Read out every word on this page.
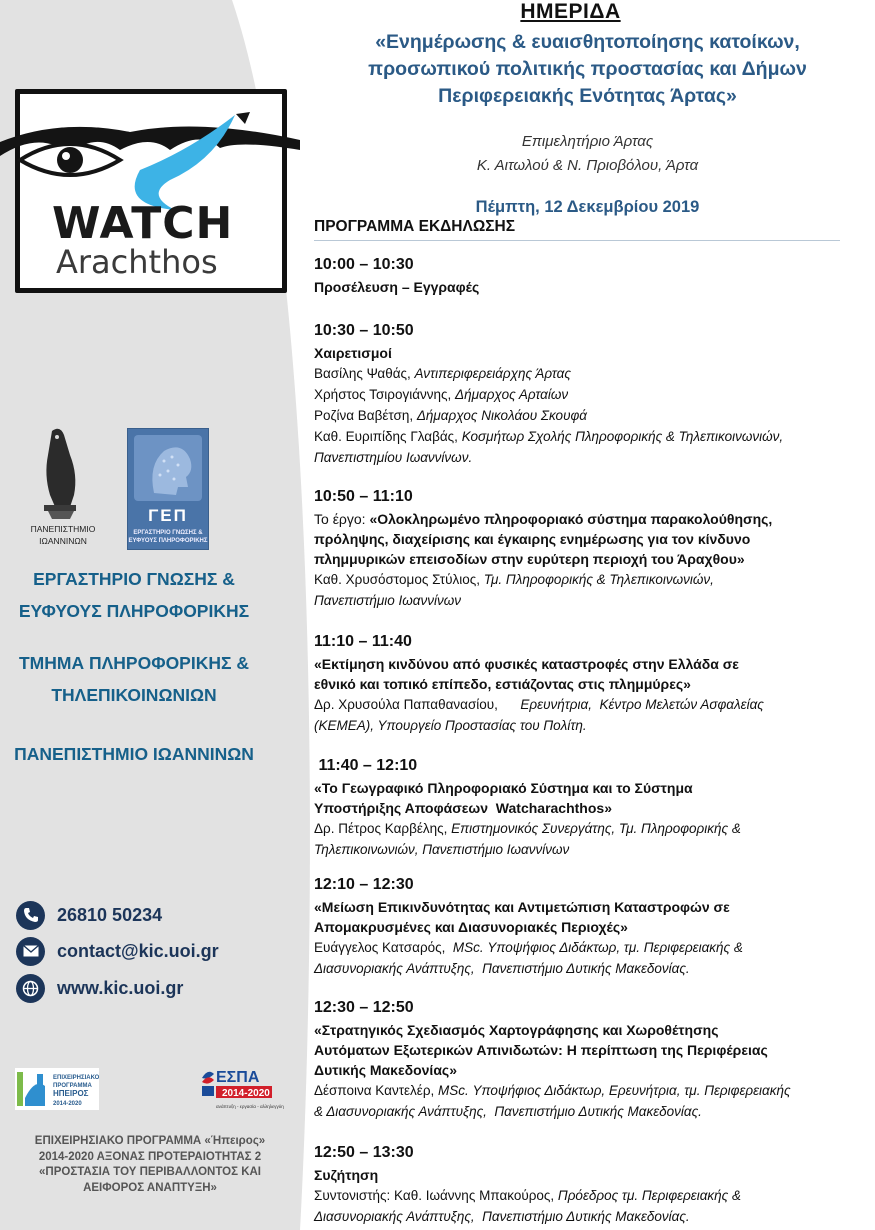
WATCH
Arachthos
ΠΑΝΕΠΙΣΤΗΜΙΟ
ΙΩΑΝΝΙΝΩΝ
ΓΕΠ
ΕΡΓΑΣΤΗΡΙΟ ΓΝΩΣΗΣ &
ΕΥΦΥΟΥΣ ΠΛΗΡΟΦΟΡΙΚΗΣ
ΕΡΓΑΣΤΗΡΙΟ ΓΝΩΣΗΣ &
ΕΥΦΥΟΥΣ ΠΛΗΡΟΦΟΡΙΚΗΣ
ΤΜΗΜΑ ΠΛΗΡΟΦΟΡΙΚΗΣ &
ΤΗΛΕΠΙΚΟΙΝΩΝΙΩΝ
ΠΑΝΕΠΙΣΤΗΜΙΟ ΙΩΑΝΝΙΝΩΝ
26810 50234
contact@kic.uoi.gr
www.kic.uoi.gr
ΕΠΙΧΕΙΡΗΣΙΑΚΟ
ΠΡΟΓΡΑΜΜΑ
ΗΠΕΙΡΟΣ
2014-2020
ΕΣΠΑ
2014-2020
ανάπτυξη - εργασία - αλληλεγγύη
ΕΠΙΧΕΙΡΗΣΙΑΚΟ ΠΡΟΓΡΑΜΜΑ «Ήπειρος»
2014-2020 ΑΞΟΝΑΣ ΠΡΟΤΕΡΑΙΟΤΗΤΑΣ 2
«ΠΡΟΣΤΑΣΙΑ ΤΟΥ ΠΕΡΙΒΑΛΛΟΝΤΟΣ ΚΑΙ
ΑΕΙΦΟΡΟΣ ΑΝΑΠΤΥΞΗ»
ΗΜΕΡΙΔΑ
«Ενημέρωσης & ευαισθητοποίησης κατοίκων,
προσωπικού πολιτικής προστασίας και Δήμων
Περιφερειακής Ενότητας Άρτας»
Επιμελητήριο Άρτας
Κ. Αιτωλού & Ν. Πριοβόλου, Άρτα
Πέμπτη, 12 Δεκεμβρίου 2019
ΠΡΟΓΡΑΜΜΑ ΕΚΔΗΛΩΣΗΣ
10:00 – 10:30
Προσέλευση – Εγγραφές
10:30 – 10:50
Χαιρετισμοί
Βασίλης Ψαθάς, Αντιπεριφερειάρχης Άρτας
Χρήστος Τσιρογιάννης, Δήμαρχος Αρταίων
Ροζίνα Βαβέτση, Δήμαρχος Νικολάου Σκουφά
Καθ. Ευριπίδης Γλαβάς, Κοσμήτωρ Σχολής Πληροφορικής & Τηλεπικοινωνιών,
Πανεπιστημίου Ιωαννίνων.
10:50 – 11:10
Το έργο: «Ολοκληρωμένο πληροφοριακό σύστημα παρακολούθησης,
πρόληψης, διαχείρισης και έγκαιρης ενημέρωσης για τον κίνδυνο
πλημμυρικών επεισοδίων στην ευρύτερη περιοχή του Άραχθου»
Καθ. Χρυσόστομος Στύλιος, Τμ. Πληροφορικής & Τηλεπικοινωνιών,
Πανεπιστήμιο Ιωαννίνων
11:10 – 11:40
«Εκτίμηση κινδύνου από φυσικές καταστροφές στην Ελλάδα σε
εθνικό και τοπικό επίπεδο, εστιάζοντας στις πλημμύρες»
Δρ. Χρυσούλα Παπαθανασίου,      Ερευνήτρια,  Κέντρο Μελετών Ασφαλείας
(ΚΕΜΕΑ), Υπουργείο Προστασίας του Πολίτη.
11:40 – 12:10
«Το Γεωγραφικό Πληροφοριακό Σύστημα και το Σύστημα
Υποστήριξης Αποφάσεων  Watcharachthos»
Δρ. Πέτρος Καρβέλης, Επιστημονικός Συνεργάτης, Τμ. Πληροφορικής &
Τηλεπικοινωνιών, Πανεπιστήμιο Ιωαννίνων
12:10 – 12:30
«Μείωση Επικινδυνότητας και Αντιμετώπιση Καταστροφών σε
Απομακρυσμένες και Διασυνοριακές Περιοχές»
Ευάγγελος Κατσαρός,  MSc. Υποψήφιος Διδάκτωρ, τμ. Περιφερειακής &
Διασυνοριακής Ανάπτυξης,  Πανεπιστήμιο Δυτικής Μακεδονίας.
12:30 – 12:50
«Στρατηγικός Σχεδιασμός Χαρτογράφησης και Χωροθέτησης
Αυτόματων Εξωτερικών Απινιδωτών: Η περίπτωση της Περιφέρειας
Δυτικής Μακεδονίας»
Δέσποινα Καντελέρ, MSc. Υποψήφιος Διδάκτωρ, Ερευνήτρια, τμ. Περιφερειακής
& Διασυνοριακής Ανάπτυξης,  Πανεπιστήμιο Δυτικής Μακεδονίας.
12:50 – 13:30
Συζήτηση
Συντονιστής: Καθ. Ιωάννης Μπακούρος, Πρόεδρος τμ. Περιφερειακής &
Διασυνοριακής Ανάπτυξης,  Πανεπιστήμιο Δυτικής Μακεδονίας.
